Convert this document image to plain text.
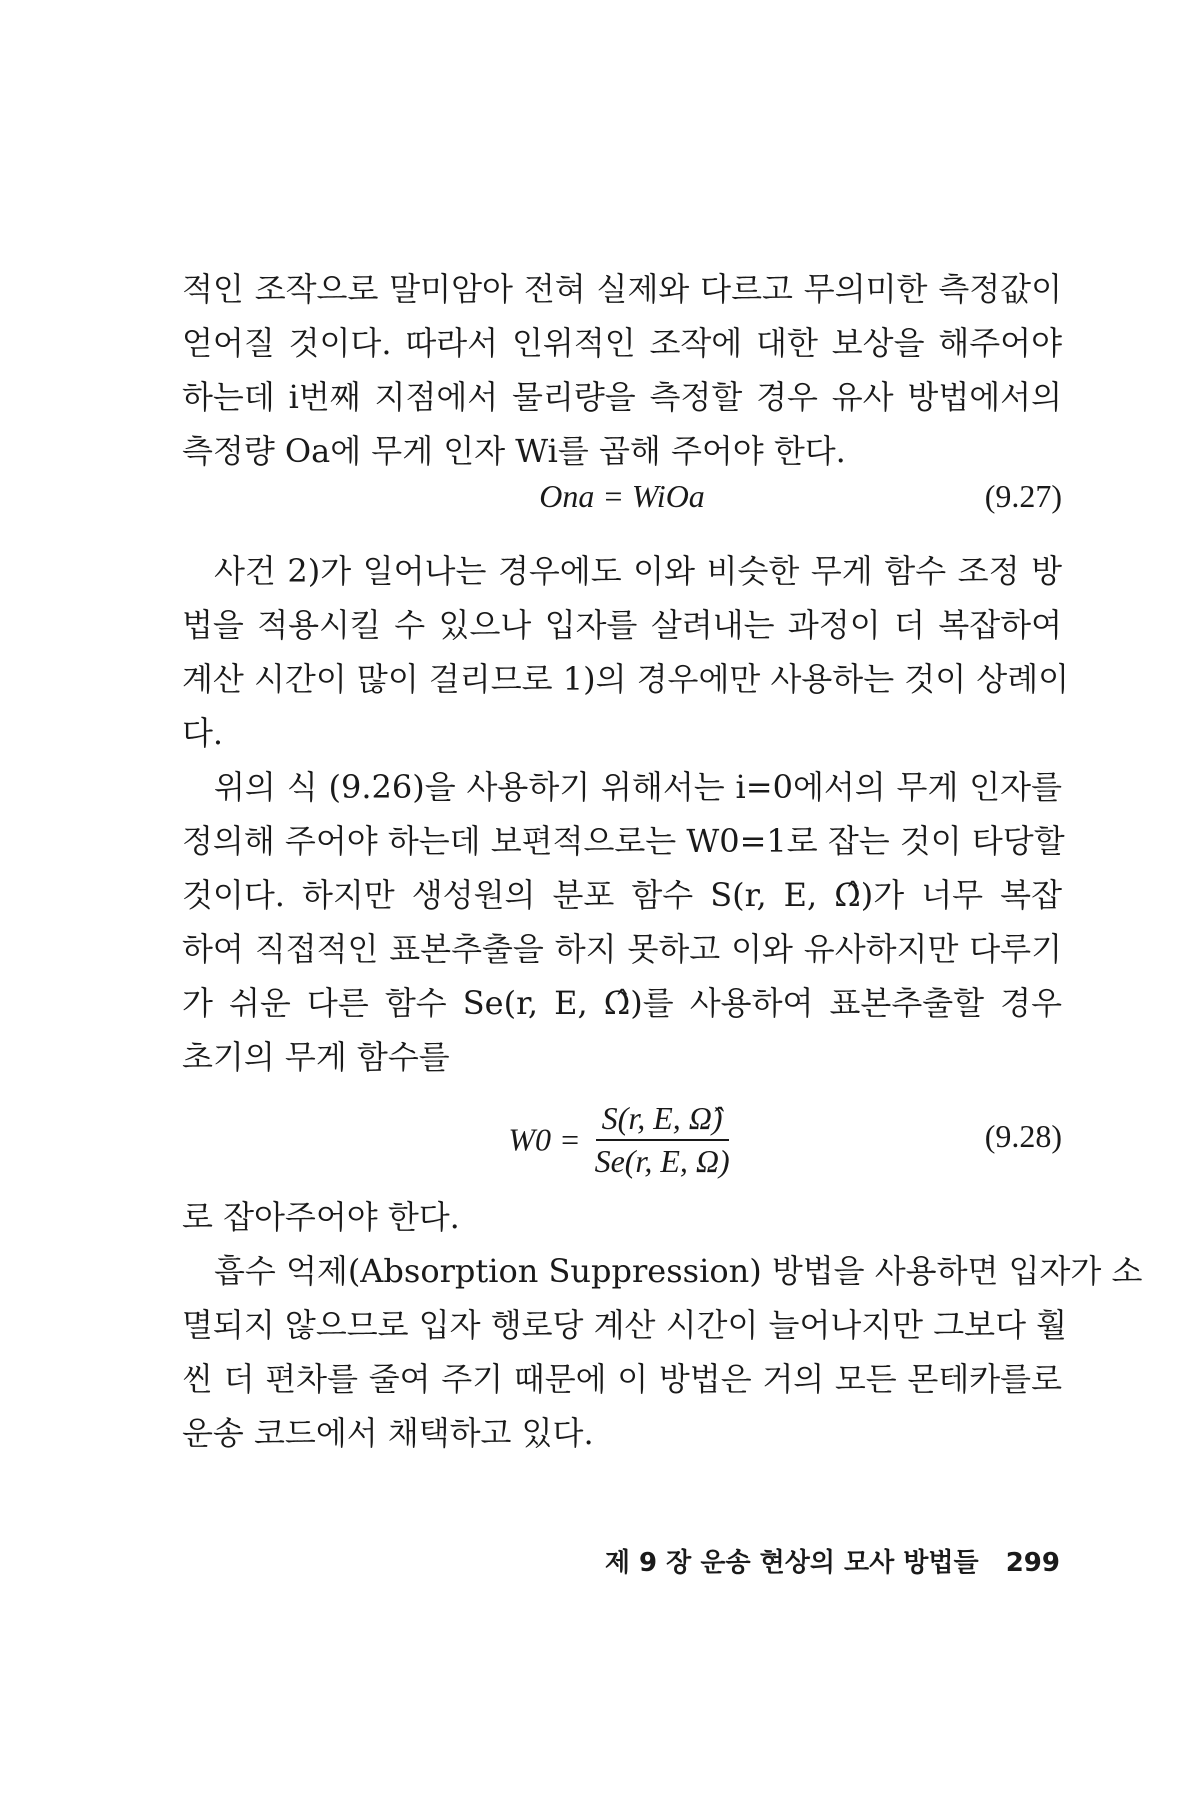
적인 조작으로 말미암아 전혀 실제와 다르고 무의미한 측정값이
얻어질 것이다. 따라서 인위적인 조작에 대한 보상을 해주어야
하는데 i번째 지점에서 물리량을 측정할 경우 유사 방법에서의
측정량 Oa에 무게 인자 Wi를 곱해 주어야 한다.

Ona = WiOa	(9.27)

사건 2)가 일어나는 경우에도 이와 비슷한 무게 함수 조정 방

법을 적용시킬 수 있으나 입자를 살려내는 과정이 더 복잡하여
계산 시간이 많이 걸리므로 1)의 경우에만 사용하는 것이 상례이
다.

위의 식 (9.26)을 사용하기 위해서는 i=0에서의 무게 인자를

정의해 주어야 하는데 보편적으로는 W0=1로 잡는 것이 타당할
것이다. 하지만 생성원의 분포 함수 S(r, E, Ω̂)가 너무 복잡
하여 직접적인 표본추출을 하지 못하고 이와 유사하지만 다루기
가 쉬운 다른 함수 Se(r, E, Ω̂)를 사용하여 표본추출할 경우
초기의 무게 함수를

$W0 = \frac{S(r, E, \Omegâ)}{Se(r, E, \Omega)}$	(9.28)

로 잡아주어야 한다.

흡수 억제(Absorption Suppression) 방법을 사용하면 입자가 소

멸되지 않으므로 입자 행로당 계산 시간이 늘어나지만 그보다 훨
씬 더 편차를 줄여 주기 때문에 이 방법은 거의 모든 몬테카를로
운송 코드에서 채택하고 있다.

제 9 장 운송 현상의 모사 방법들 299
